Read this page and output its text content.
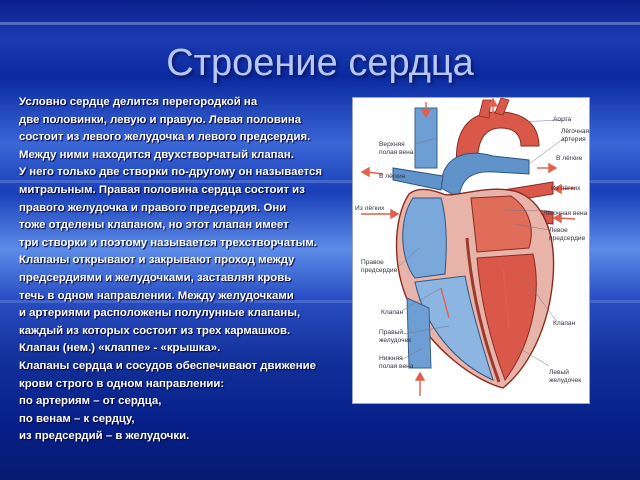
Строение сердца
Условно сердце делится перегородкой на
две половинки, левую и правую. Левая половина
состоит из левого желудочка и левого предсердия.
Между ними находится двухстворчатый клапан.
У него только две створки по-другому он называется
митральным. Правая половина сердца состоит из
правого желудочка и правого предсердия. Они
тоже отделены клапаном, но этот клапан имеет
три створки и поэтому называется трехстворчатым.
Клапаны открывают и закрывают проход между
предсердиями и желудочками, заставляя кровь
течь в одном направлении. Между желудочками
и артериями расположены полулунные клапаны,
каждый из которых состоит из трех кармашков.
Клапан (нем.) «клаппе» - «крышка».
Клапаны сердца и сосудов обеспечивают движение
крови строго в одном направлении:
по артериям – от сердца,
по венам – к сердцу,
из предсердий – в желудочки.
Аорта
Лёгочная
артерия
Верхняя
полая вена
В лёгкие
В лёгкие
Из лёгких
Из лёгких
Лёгочная вена
Левое
предсердие
Правое
предсердие
Клапан
Клапан
Правый
желудочек
Нижняя
полая вена
Левый
желудочек
